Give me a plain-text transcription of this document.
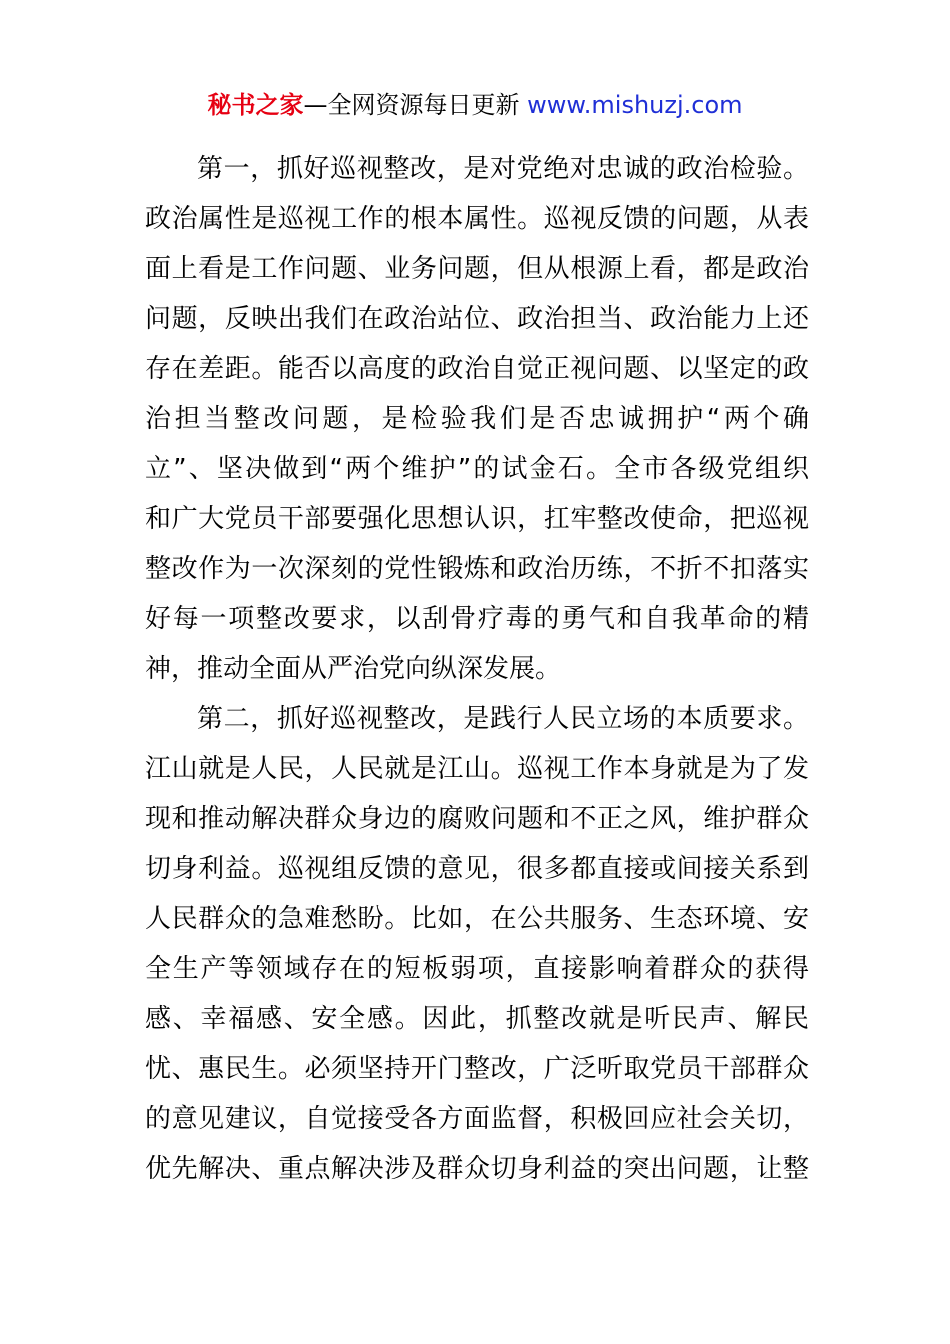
秘书之家—全网资源每日更新 www.mishuzj.com
第一，抓好巡视整改，是对党绝对忠诚的政治检验。
政治属性是巡视工作的根本属性。巡视反馈的问题，从表
面上看是工作问题、业务问题，但从根源上看，都是政治
问题，反映出我们在政治站位、政治担当、政治能力上还
存在差距。能否以高度的政治自觉正视问题、以坚定的政
治担当整改问题，是检验我们是否忠诚拥护“两个确
立”、坚决做到“两个维护”的试金石。全市各级党组织
和广大党员干部要强化思想认识，扛牢整改使命，把巡视
整改作为一次深刻的党性锻炼和政治历练，不折不扣落实
好每一项整改要求，以刮骨疗毒的勇气和自我革命的精
神，推动全面从严治党向纵深发展。
第二，抓好巡视整改，是践行人民立场的本质要求。
江山就是人民，人民就是江山。巡视工作本身就是为了发
现和推动解决群众身边的腐败问题和不正之风，维护群众
切身利益。巡视组反馈的意见，很多都直接或间接关系到
人民群众的急难愁盼。比如，在公共服务、生态环境、安
全生产等领域存在的短板弱项，直接影响着群众的获得
感、幸福感、安全感。因此，抓整改就是听民声、解民
忧、惠民生。必须坚持开门整改，广泛听取党员干部群众
的意见建议，自觉接受各方面监督，积极回应社会关切，
优先解决、重点解决涉及群众切身利益的突出问题，让整
